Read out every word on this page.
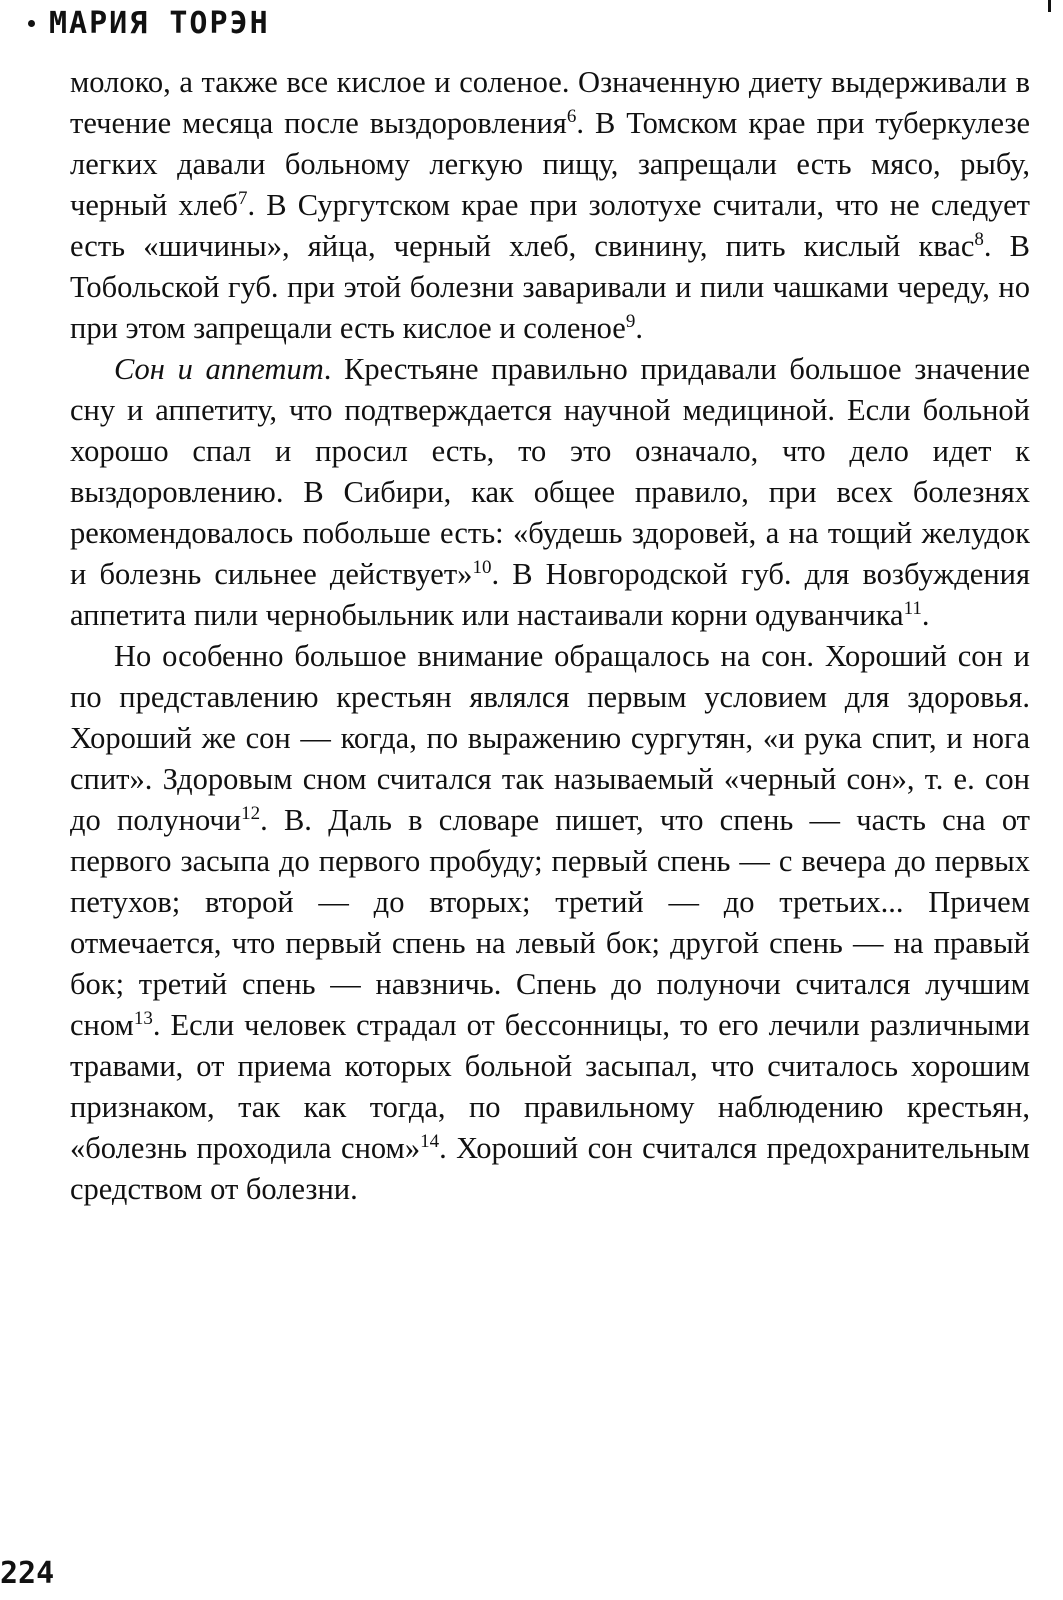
МАРИЯ ТОРЭН

молоко, а также все кислое и соленое. Означенную диету выдерживали в течение месяца после выздоровления$^6$. В Томском крае при туберкулезе легких давали больному легкую пищу, запрещали есть мясо, рыбу, черный хлеб$^7$. В Сургутском крае при золотухе считали, что не следует есть «шичины», яйца, черный хлеб, свинину, пить кислый квас$^8$. В Тобольской губ. при этой болезни заваривали и пили чашками череду, но при этом запрещали есть кислое и соленое$^9$.

Сон и аппетит. Крестьяне правильно придавали большое значение сну и аппетиту, что подтверждается научной медициной. Если больной хорошо спал и просил есть, то это означало, что дело идет к выздоровлению. В Сибири, как общее правило, при всех болезнях рекомендовалось побольше есть: «будешь здоровей, а на тощий желудок и болезнь сильнее действует»$^{10}$. В Новгородской губ. для возбуждения аппетита пили чернобыльник или настаивали корни одуванчика$^{11}$.

Но особенно большое внимание обращалось на сон. Хороший сон и по представлению крестьян являлся первым условием для здоровья. Хороший же сон — когда, по выражению сургутян, «и рука спит, и нога спит». Здоровым сном считался так называемый «черный сон», т. е. сон до полуночи$^{12}$. В. Даль в словаре пишет, что спень — часть сна от первого засыпа до первого пробуду; первый спень — с вечера до первых петухов; второй — до вторых; третий — до третьих... Причем отмечается, что первый спень на левый бок; другой спень — на правый бок; третий спень — навзничь. Спень до полуночи считался лучшим сном$^{13}$. Если человек страдал от бессонницы, то его лечили различными травами, от приема которых больной засыпал, что считалось хорошим признаком, так как тогда, по правильному наблюдению крестьян, «болезнь проходила сном»$^{14}$. Хороший сон считался предохранительным средством от болезни.

224
